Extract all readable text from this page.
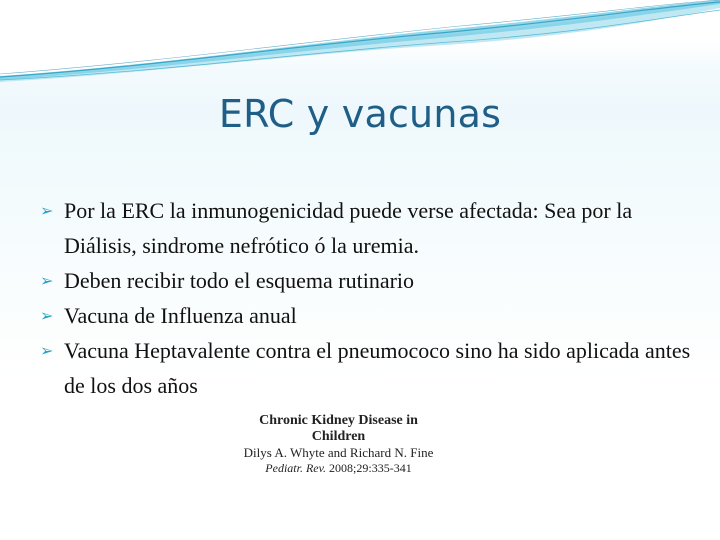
ERC y vacunas
➢ Por la ERC la inmunogenicidad puede verse afectada: Sea por la Diálisis, sindrome nefrótico ó la uremia.
➢ Deben recibir todo el esquema rutinario
➢ Vacuna de Influenza anual
➢ Vacuna Heptavalente contra el pneumococo sino ha sido aplicada antes de los dos años
Chronic Kidney Disease in Children
Dilys A. Whyte and Richard N. Fine
Pediatr. Rev. 2008;29:335-341
